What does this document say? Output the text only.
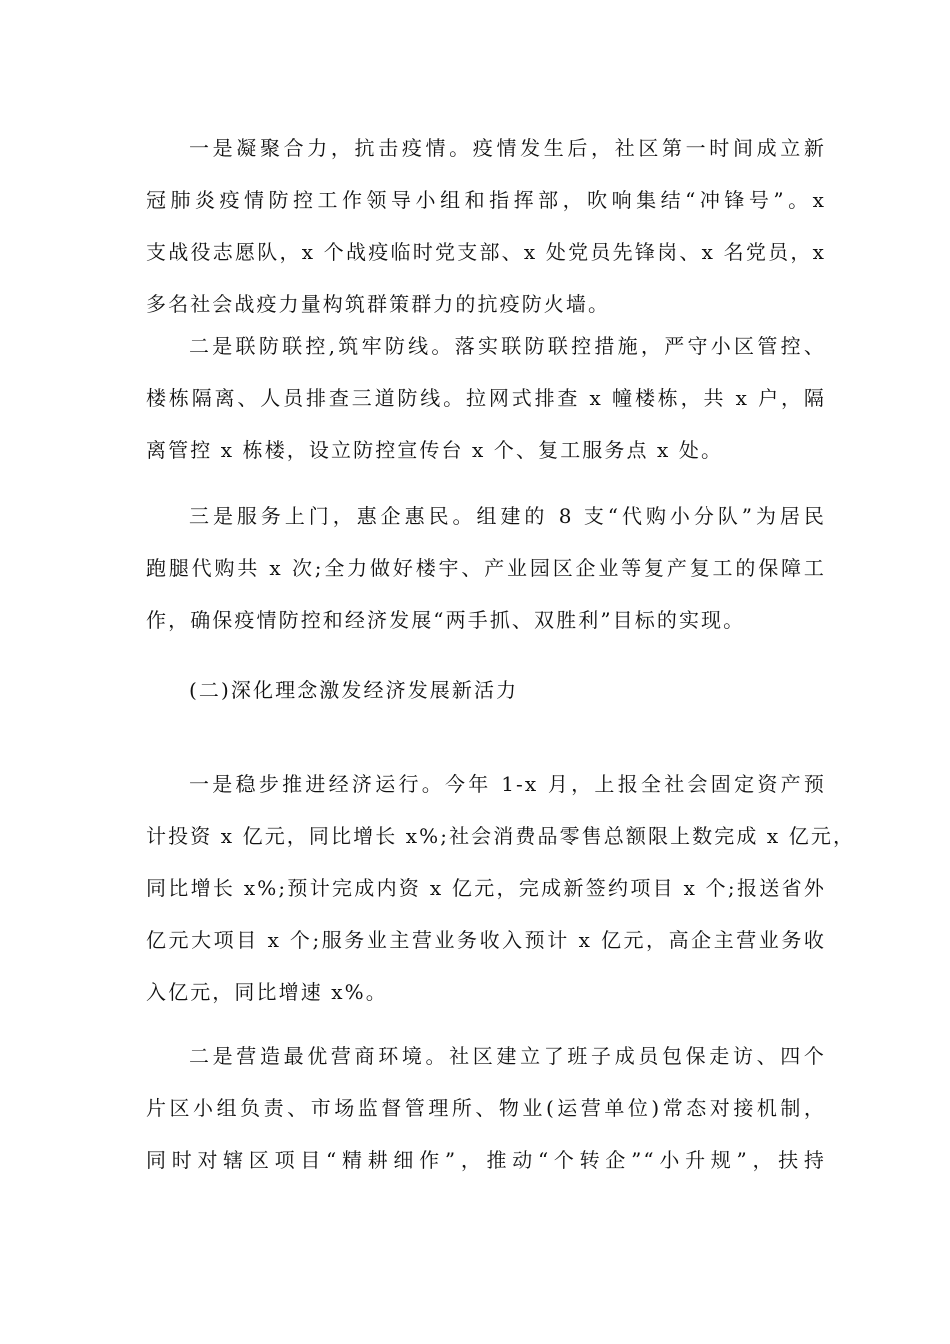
一是凝聚合力，抗击疫情。疫情发生后，社区第一时间成立新
冠肺炎疫情防控工作领导小组和指挥部，吹响集结“冲锋号”。x
支战役志愿队，x 个战疫临时党支部、x 处党员先锋岗、x 名党员，x
多名社会战疫力量构筑群策群力的抗疫防火墙。
二是联防联控,筑牢防线。落实联防联控措施，严守小区管控、
楼栋隔离、人员排查三道防线。拉网式排查 x 幢楼栋，共 x 户，隔
离管控 x 栋楼，设立防控宣传台 x 个、复工服务点 x 处。
三是服务上门，惠企惠民。组建的 8 支“代购小分队”为居民
跑腿代购共 x 次;全力做好楼宇、产业园区企业等复产复工的保障工
作，确保疫情防控和经济发展“两手抓、双胜利”目标的实现。
(二)深化理念激发经济发展新活力
一是稳步推进经济运行。今年 1-x 月，上报全社会固定资产预
计投资 x 亿元，同比增长 x%;社会消费品零售总额限上数完成 x 亿元，
同比增长 x%;预计完成内资 x 亿元，完成新签约项目 x 个;报送省外
亿元大项目 x 个;服务业主营业务收入预计 x 亿元，高企主营业务收
入亿元，同比增速 x%。
二是营造最优营商环境。社区建立了班子成员包保走访、四个
片区小组负责、市场监督管理所、物业(运营单位)常态对接机制，
同时对辖区项目“精耕细作”，推动“个转企”“小升规”，扶持
